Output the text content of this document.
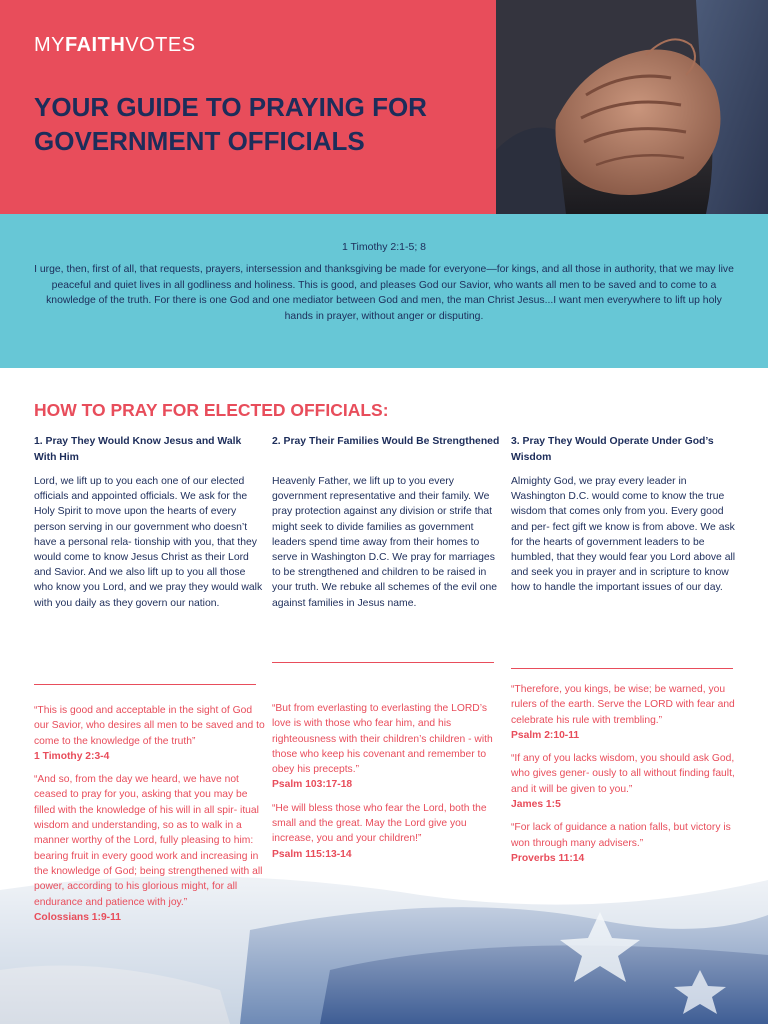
MYFAITHVOTES
YOUR GUIDE TO PRAYING FOR GOVERNMENT OFFICIALS
1 Timothy 2:1-5; 8

I urge, then, first of all, that requests, prayers, intersession and thanksgiving be made for everyone—for kings, and all those in authority, that we may live peaceful and quiet lives in all godliness and holiness. This is good, and pleases God our Savior, who wants all men to be saved and to come to a knowledge of the truth. For there is one God and one mediator between God and men, the man Christ Jesus...I want men everywhere to lift up holy hands in prayer, without anger or disputing.

HOW TO PRAY FOR ELECTED OFFICIALS:
1. Pray They Would Know Jesus and Walk With Him

Lord, we lift up to you each one of our elected officials and appointed officials. We ask for the Holy Spirit to move upon the hearts of every person serving in our government who doesn’t have a personal rela- tionship with you, that they would come to know Jesus Christ as their Lord and Savior. And we also lift up to you all those who know you Lord, and we pray they would walk with you daily as they govern our nation.

“This is good and acceptable in the sight of God our Savior, who desires all men to be saved and to come to the knowledge of the truth”
1 Timothy 2:3-4
“And so, from the day we heard, we have not ceased to pray for you, asking that you may be filled with the knowledge of his will in all spir- itual wisdom and understanding, so as to walk in a manner worthy of the Lord, fully pleasing to him: bearing fruit in every good work and increasing in the knowledge of God; being strengthened with all power, according to his glorious might, for all endurance and patience with joy.”
Colossians 1:9-11
2. Pray Their Families Would Be Strengthened

Heavenly Father, we lift up to you every government representative and their family. We pray protection against any division or strife that might seek to divide families as government leaders spend time away from their homes to serve in Washington D.C. We pray for marriages to be strengthened and children to be raised in your truth. We rebuke all schemes of the evil one against families in Jesus name.

“But from everlasting to everlasting the LORD’s love is with those who fear him, and his righteousness with their children’s children - with those who keep his covenant and remember to obey his precepts.”
Psalm 103:17-18
“He will bless those who fear the Lord, both the small and the great. May the Lord give you increase, you and your children!”
Psalm 115:13-14
3. Pray They Would Operate Under God’s Wisdom

Almighty God, we pray every leader in Washington D.C. would come to know the true wisdom that comes only from you. Every good and per- fect gift we know is from above. We ask for the hearts of government leaders to be humbled, that they would fear you Lord above all and seek you in prayer and in scripture to know how to handle the important issues of our day.

“Therefore, you kings, be wise; be warned, you rulers of the earth. Serve the LORD with fear and celebrate his rule with trembling.”
Psalm 2:10-11
“If any of you lacks wisdom, you should ask God, who gives gener- ously to all without finding fault, and it will be given to you.”
James 1:5
“For lack of guidance a nation falls, but victory is won through many advisers.”
Proverbs 11:14
